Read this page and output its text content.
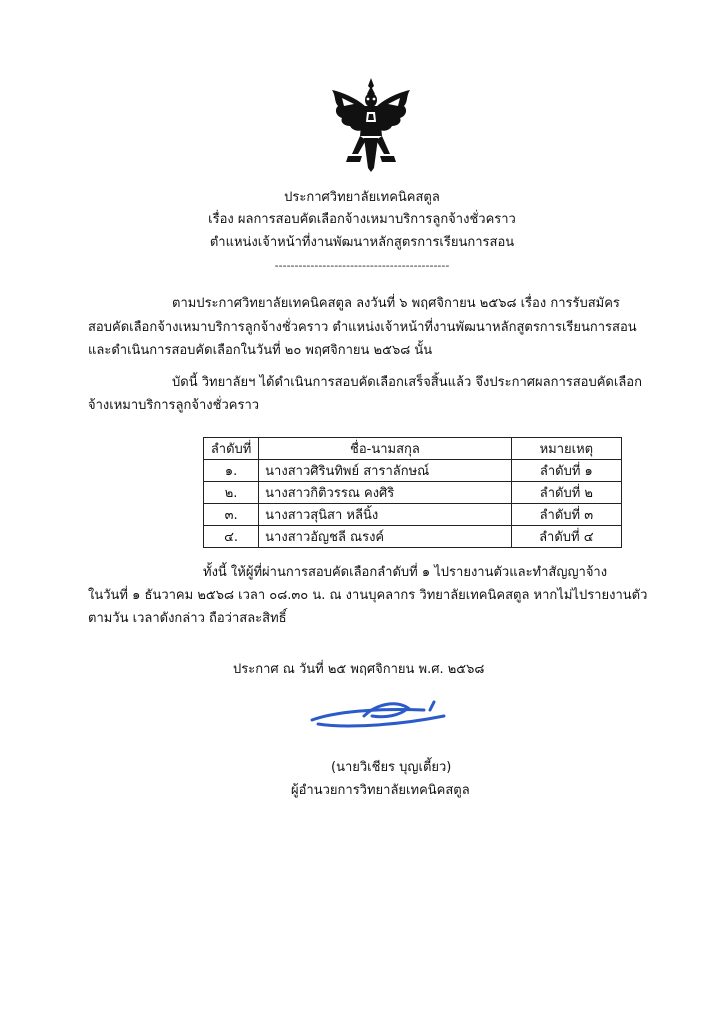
ประกาศวิทยาลัยเทคนิคสตูล
เรื่อง ผลการสอบคัดเลือกจ้างเหมาบริการลูกจ้างชั่วคราว
ตำแหน่งเจ้าหน้าที่งานพัฒนาหลักสูตรการเรียนการสอน
--------------------------------------------
ตามประกาศวิทยาลัยเทคนิคสตูล ลงวันที่ ๖ พฤศจิกายน ๒๕๖๘ เรื่อง การรับสมัคร
สอบคัดเลือกจ้างเหมาบริการลูกจ้างชั่วคราว ตำแหน่งเจ้าหน้าที่งานพัฒนาหลักสูตรการเรียนการสอน
และดำเนินการสอบคัดเลือกในวันที่ ๒๐ พฤศจิกายน ๒๕๖๘ นั้น
บัดนี้ วิทยาลัยฯ ได้ดำเนินการสอบคัดเลือกเสร็จสิ้นแล้ว จึงประกาศผลการสอบคัดเลือก
จ้างเหมาบริการลูกจ้างชั่วคราว
ลำดับที่	ชื่อ-นามสกุล	หมายเหตุ
๑.	นางสาวศิรินทิพย์ สาราลักษณ์	ลำดับที่ ๑
๒.	นางสาวกิติวรรณ คงศิริ	ลำดับที่ ๒
๓.	นางสาวสุนิสา หลีนิ้ง	ลำดับที่ ๓
๔.	นางสาวอัญชลี ณรงค์	ลำดับที่ ๔
ทั้งนี้ ให้ผู้ที่ผ่านการสอบคัดเลือกลำดับที่ ๑ ไปรายงานตัวและทำสัญญาจ้าง
ในวันที่ ๑ ธันวาคม ๒๕๖๘ เวลา ๐๘.๓๐ น. ณ งานบุคลากร วิทยาลัยเทคนิคสตูล หากไม่ไปรายงานตัว
ตามวัน เวลาดังกล่าว ถือว่าสละสิทธิ์
ประกาศ ณ วันที่ ๒๕ พฤศจิกายน พ.ศ. ๒๕๖๘
(นายวิเชียร บุญเตี้ยว)
ผู้อำนวยการวิทยาลัยเทคนิคสตูล
